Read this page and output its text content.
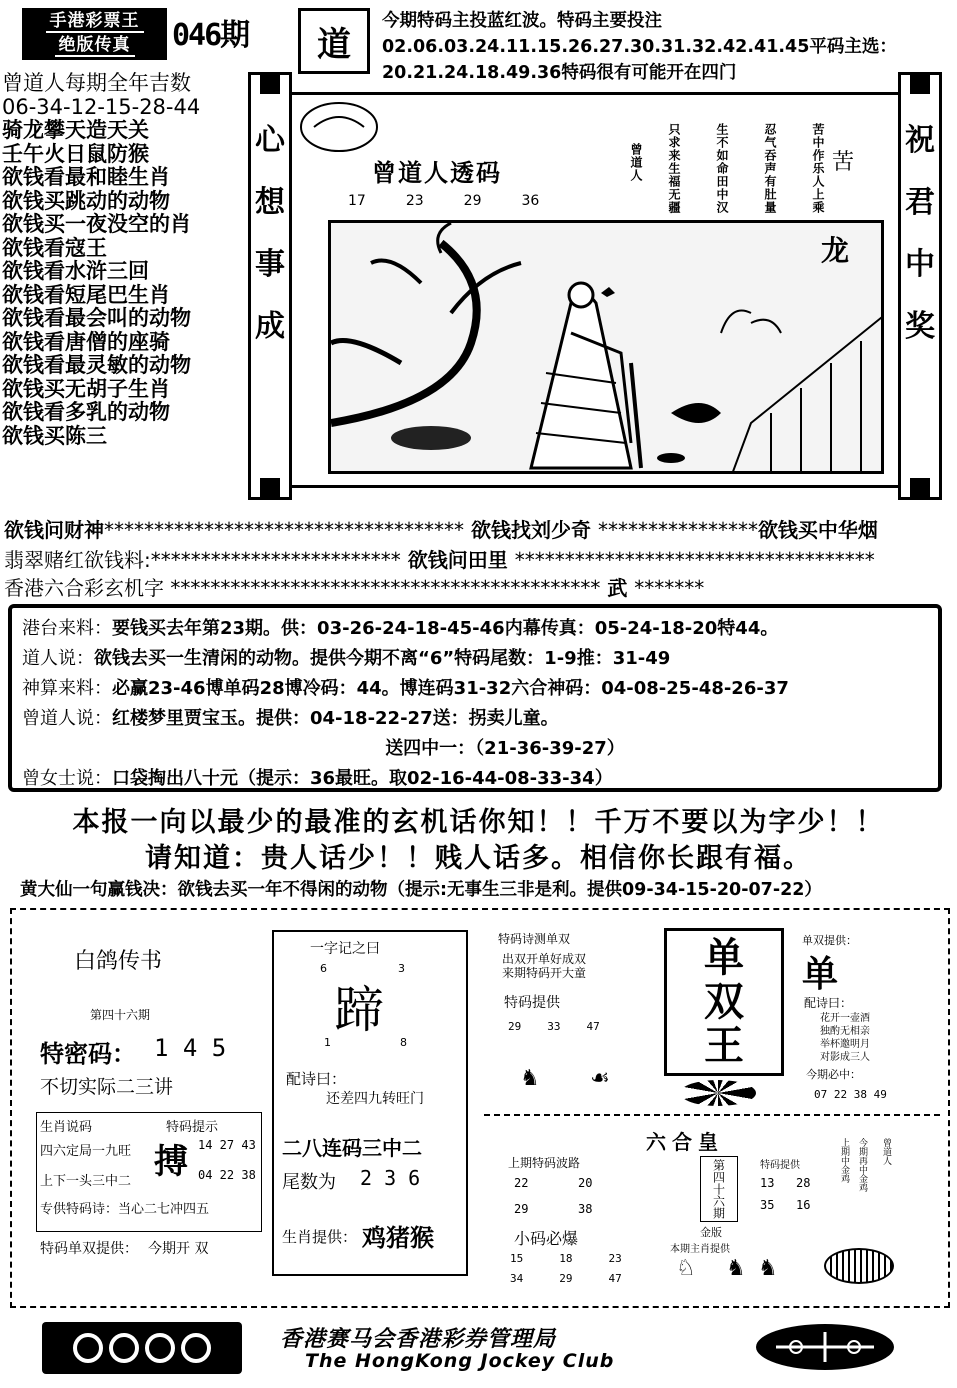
手港彩票王
绝版传真 046期	道
今期特码主投蓝红波。特码主要投注02.06.03.24.11.15.26.27.30.31.32.42.41.45平码主选：20.21.24.18.49.36特码很有可能开在四门
曾道人每期全年吉数
06-34-12-15-28-44
骑龙攀天造天关
壬午火日鼠防猴
欲钱看最和睦生肖
欲钱买跳动的动物
欲钱买一夜没空的肖
欲钱看寇王
欲钱看水浒三回
欲钱看短尾巴生肖
欲钱看最会叫的动物
欲钱看唐僧的座骑
欲钱看最灵敏的动物
欲钱买无胡子生肖
欲钱看多乳的动物
欲钱买陈三
心
想
事
成
祝
君
中
奖
曾道人透码
17	23	29	36	苦中作乐人上乘
忍气吞声有肚量
生不如命田中汉
只求来生福无疆
曾道人	苦
龙
欲钱问财神************************************ 欲钱找刘少奇 ****************欲钱买中华烟
翡翠赌红欲钱料:************************* 欲钱问田里 ************************************
香港六合彩玄机字 ******************************************* 武 *******
港台来料：要钱买去年第23期。供：03-26-24-18-45-46内幕传真：05-24-18-20特44。
道人说：欲钱去买一生清闲的动物。提供今期不离“6”特码尾数：1-9推：31-49
神算来料：必赢23-46博单码28博冷码：44。博连码31-32六合神码：04-08-25-48-26-37
曾道人说：红楼梦里贾宝玉。提供：04-18-22-27送：拐卖儿童。
送四中一：（21-36-39-27）
曾女士说：口袋掏出八十元（提示：36最旺。取02-16-44-08-33-34）
本报一向以最少的最准的玄机话你知！！千万不要以为字少！！
请知道：贵人话少！！贱人话多。相信你长跟有福。
黄大仙一句赢钱决：欲钱去买一年不得闲的动物（提示:无事生三非是利。提供09-34-15-20-07-22）
白鸽传书
第四十六期
特密码： 1 4 5
不切实际二三讲
生肖说码	特码提示
四六定局一九旺
上下一头三中二
专供特码诗：当心二七冲四五
搏 14 27 43
04 22 38
特码单双提供： 今期开 双
一字记之曰
6	3
蹄
1	8
配诗曰：
还差四九转旺门
二八连码三中二
尾数为 2 3 6
生肖提供： 鸡猪猴
特码诗测单双
出双开单好成双
来期特码开大童
特码提供
29 33 47
♞ ☙
单双王
单双提供：
单
配诗曰：
花开一壶酒
独酌无相亲
举杯邀明月
对影成三人
今期必中：
07 22 38 49
六合皇
上期特码波路
22	20
29	38	第四十六期
金版
特码提供
13 28
35 16
上期中金鸡 今期再中金鸡 曾道人
小码必爆
15	18	23
34	29	47
本期主肖提供
♘ ♞ ♞
香港赛马会香港彩券管理局
The HongKong Jockey Club
